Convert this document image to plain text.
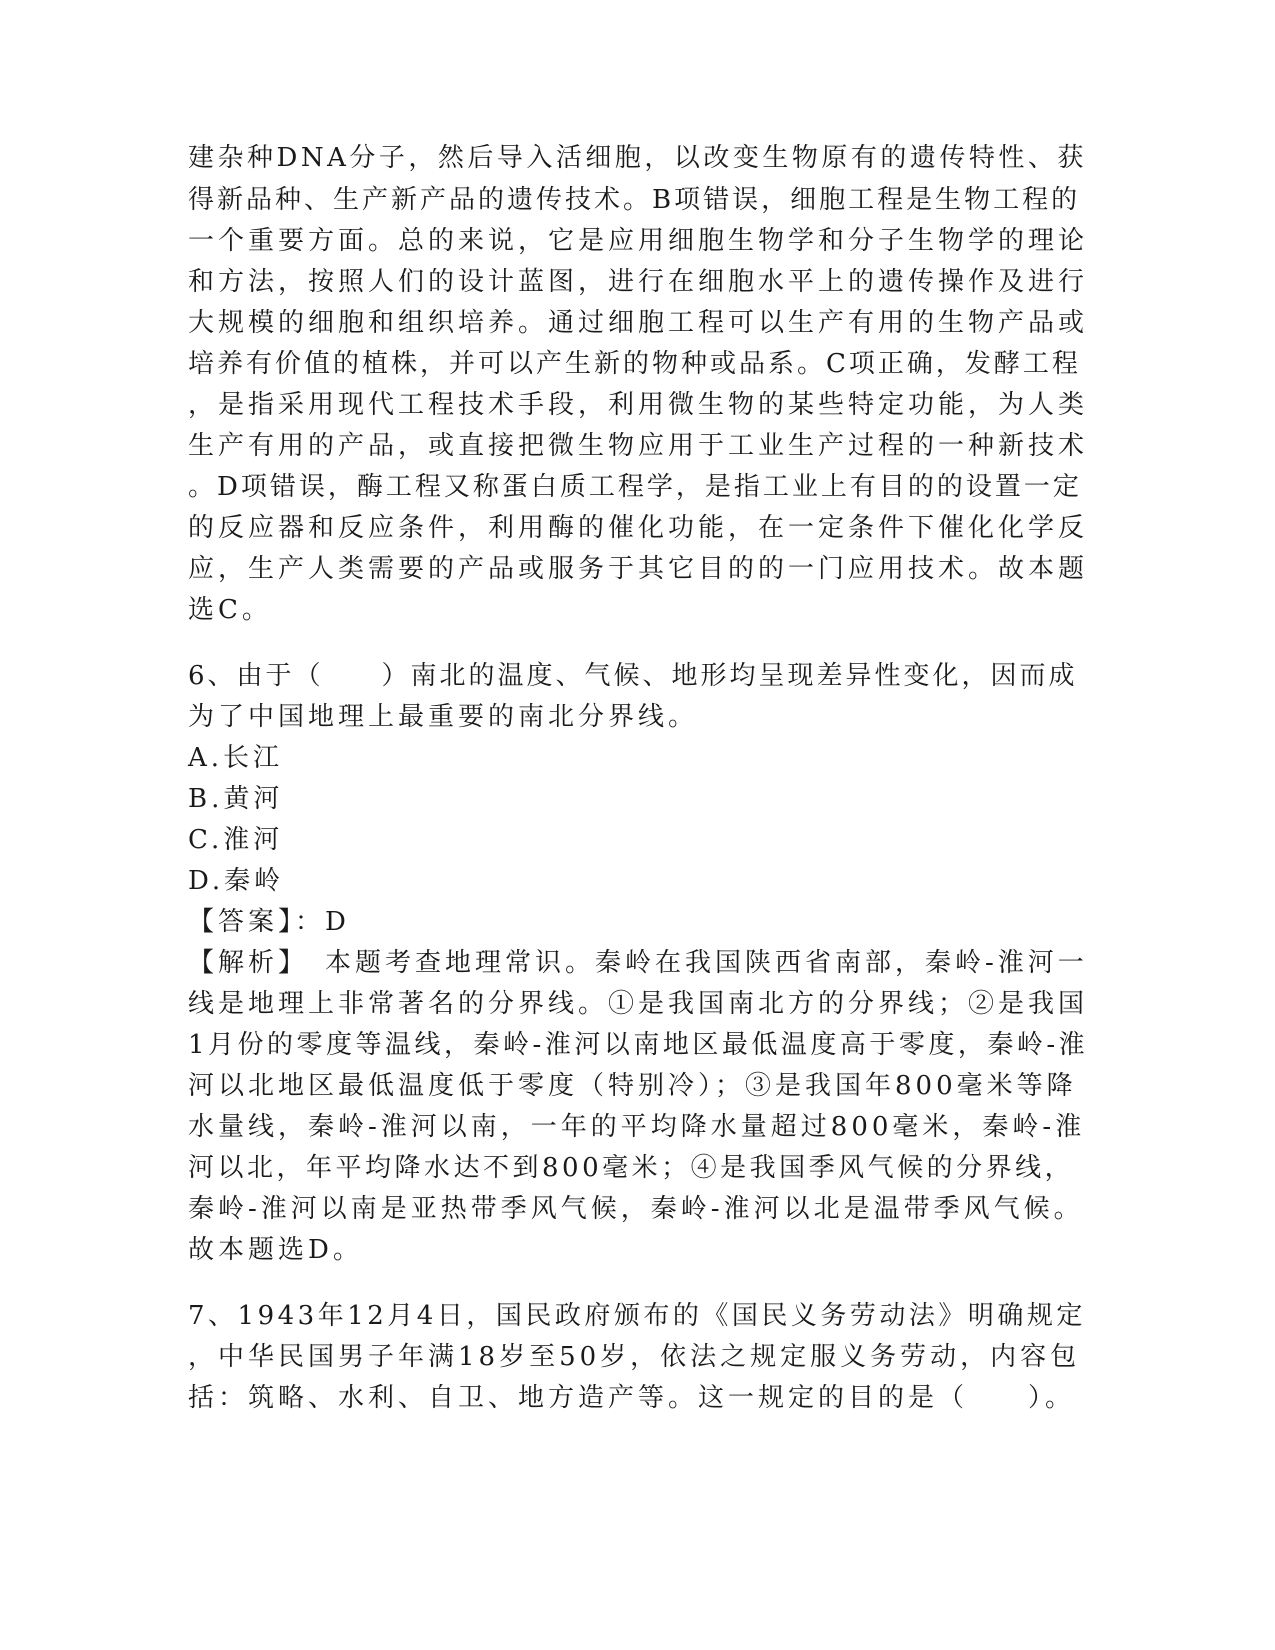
建杂种DNA分子，然后导入活细胞，以改变生物原有的遗传特性、获
得新品种、生产新产品的遗传技术。B项错误，细胞工程是生物工程的
一个重要方面。总的来说，它是应用细胞生物学和分子生物学的理论
和方法，按照人们的设计蓝图，进行在细胞水平上的遗传操作及进行
大规模的细胞和组织培养。通过细胞工程可以生产有用的生物产品或
培养有价值的植株，并可以产生新的物种或品系。C项正确，发酵工程
，是指采用现代工程技术手段，利用微生物的某些特定功能，为人类
生产有用的产品，或直接把微生物应用于工业生产过程的一种新技术
。D项错误，酶工程又称蛋白质工程学，是指工业上有目的的设置一定
的反应器和反应条件，利用酶的催化功能，在一定条件下催化化学反
应，生产人类需要的产品或服务于其它目的的一门应用技术。故本题
选C。
6、由于（　　）南北的温度、气候、地形均呈现差异性变化，因而成
为了中国地理上最重要的南北分界线。
A.长江
B.黄河
C.淮河
D.秦岭
【答案】：D
【解析】　本题考查地理常识。秦岭在我国陕西省南部，秦岭-淮河一
线是地理上非常著名的分界线。①是我国南北方的分界线；②是我国
1月份的零度等温线，秦岭-淮河以南地区最低温度高于零度，秦岭-淮
河以北地区最低温度低于零度（特别冷）；③是我国年800毫米等降
水量线，秦岭-淮河以南，一年的平均降水量超过800毫米，秦岭-淮
河以北，年平均降水达不到800毫米；④是我国季风气候的分界线，
秦岭-淮河以南是亚热带季风气候，秦岭-淮河以北是温带季风气候。
故本题选D。
7、1943年12月4日，国民政府颁布的《国民义务劳动法》明确规定
，中华民国男子年满18岁至50岁，依法之规定服义务劳动，内容包
括：筑略、水利、自卫、地方造产等。这一规定的目的是（　　）。
